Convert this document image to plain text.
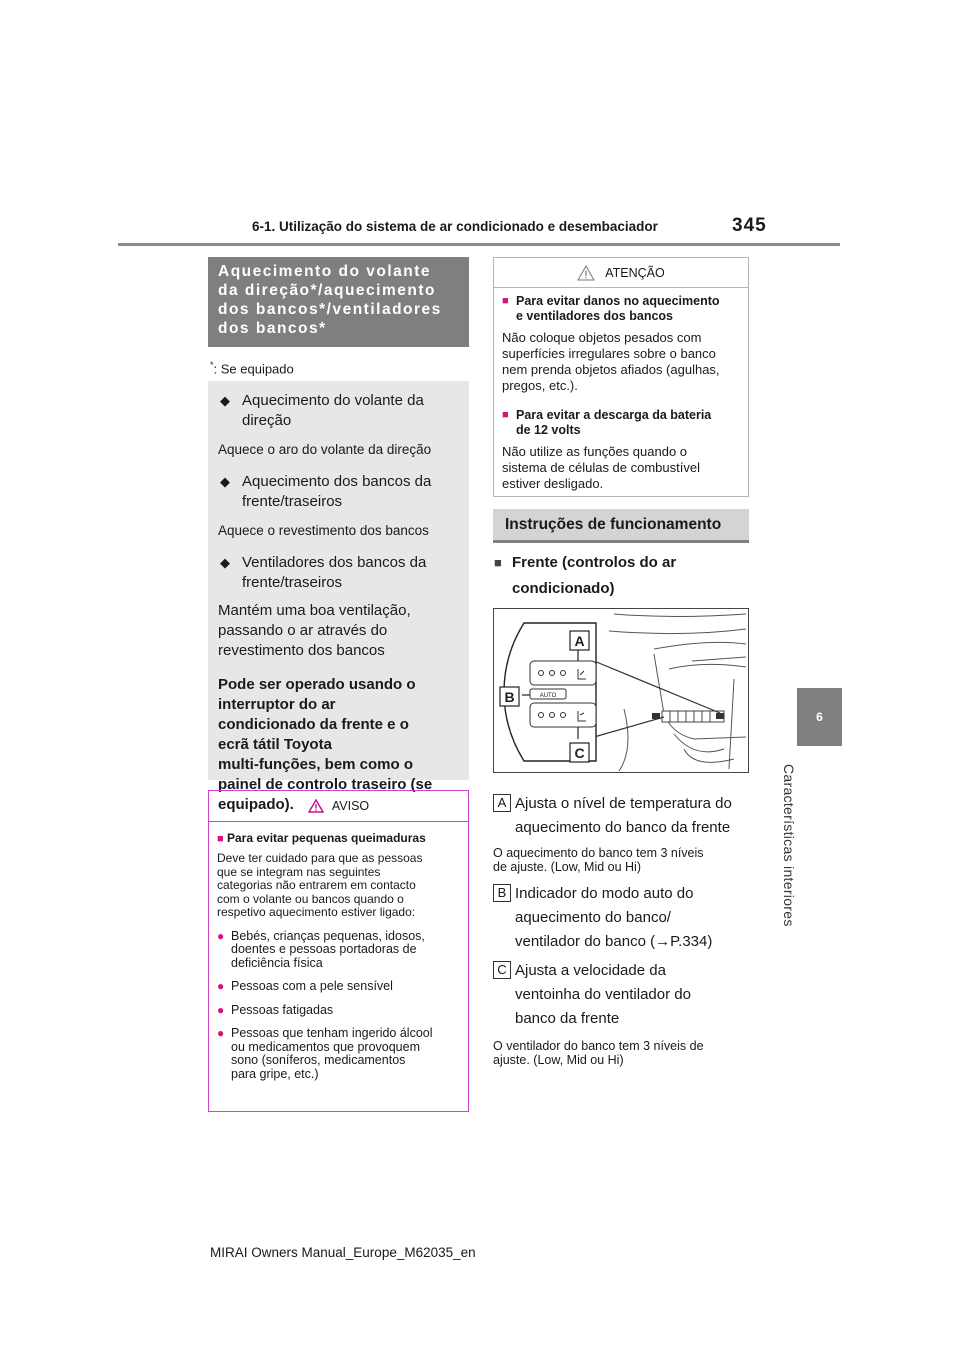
6-1. Utilização do sistema de ar condicionado e desembaciador	345
6
Características interiores
Aquecimento do volante
da direção*/aquecimento
dos bancos*/ventiladores
dos bancos*
*: Se equipado
◆ Aquecimento do volante da direção
Aquece o aro do volante da direção
◆ Aquecimento dos bancos da frente/traseiros
Aquece o revestimento dos bancos
◆ Ventiladores dos bancos da frente/traseiros
Mantém uma boa ventilação, passando o ar através do revestimento dos bancos
Pode ser operado usando o
interruptor do ar
condicionado da frente e o
ecrã tátil Toyota
multi-funções, bem como o
painel de controlo traseiro (se
equipado).	AVISO
■ Para evitar pequenas queimaduras
Deve ter cuidado para que as pessoas
que se integram nas seguintes
categorias não entrarem em contacto
com o volante ou bancos quando o
respetivo aquecimento estiver ligado:
● Bebés, crianças pequenas, idosos,
doentes e pessoas portadoras de
deficiência física
● Pessoas com a pele sensível
● Pessoas fatigadas
● Pessoas que tenham ingerido álcool
ou medicamentos que provoquem
sono (soníferos, medicamentos
para gripe, etc.)
ATENÇÃO
■ Para evitar danos no aquecimento
e ventiladores dos bancos
Não coloque objetos pesados com
superfícies irregulares sobre o banco
nem prenda objetos afiados (agulhas,
pregos, etc.).
■ Para evitar a descarga da bateria
de 12 volts
Não utilize as funções quando o
sistema de células de combustível
estiver desligado.
Instruções de funcionamento
■ Frente (controlos do ar
condicionado)
AUTO
A
B
C
A Ajusta o nível de temperatura do
aquecimento do banco da frente
O aquecimento do banco tem 3 níveis
de ajuste. (Low, Mid ou Hi)
B Indicador do modo auto do
aquecimento do banco/
ventilador do banco (→P.334)
C Ajusta a velocidade da
ventoinha do ventilador do
banco da frente
O ventilador do banco tem 3 níveis de
ajuste. (Low, Mid ou Hi)
MIRAI Owners Manual_Europe_M62035_en
